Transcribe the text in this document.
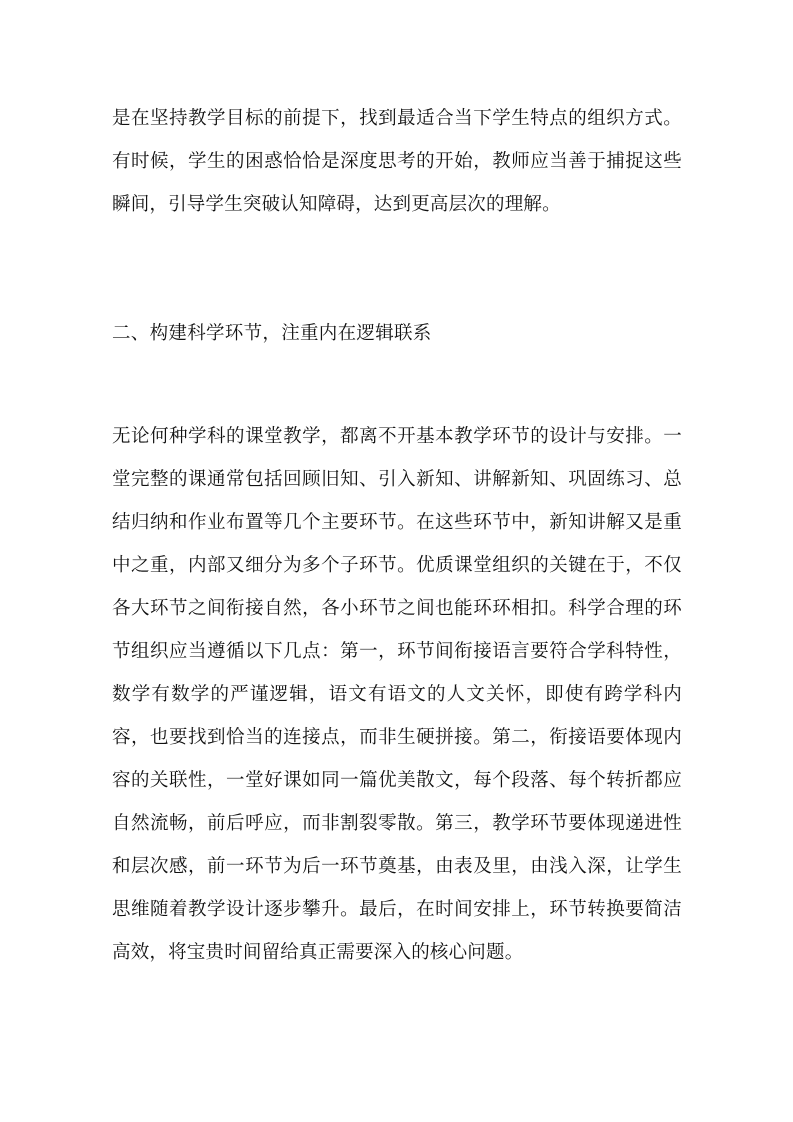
是在坚持教学目标的前提下，找到最适合当下学生特点的组织方式。有时候，学生的困惑恰恰是深度思考的开始，教师应当善于捕捉这些瞬间，引导学生突破认知障碍，达到更高层次的理解。

二、构建科学环节，注重内在逻辑联系

无论何种学科的课堂教学，都离不开基本教学环节的设计与安排。一堂完整的课通常包括回顾旧知、引入新知、讲解新知、巩固练习、总结归纳和作业布置等几个主要环节。在这些环节中，新知讲解又是重中之重，内部又细分为多个子环节。优质课堂组织的关键在于，不仅各大环节之间衔接自然，各小环节之间也能环环相扣。科学合理的环节组织应当遵循以下几点：第一，环节间衔接语言要符合学科特性，数学有数学的严谨逻辑，语文有语文的人文关怀，即使有跨学科内容，也要找到恰当的连接点，而非生硬拼接。第二，衔接语要体现内容的关联性，一堂好课如同一篇优美散文，每个段落、每个转折都应自然流畅，前后呼应，而非割裂零散。第三，教学环节要体现递进性和层次感，前一环节为后一环节奠基，由表及里，由浅入深，让学生思维随着教学设计逐步攀升。最后，在时间安排上，环节转换要简洁高效，将宝贵时间留给真正需要深入的核心问题。
